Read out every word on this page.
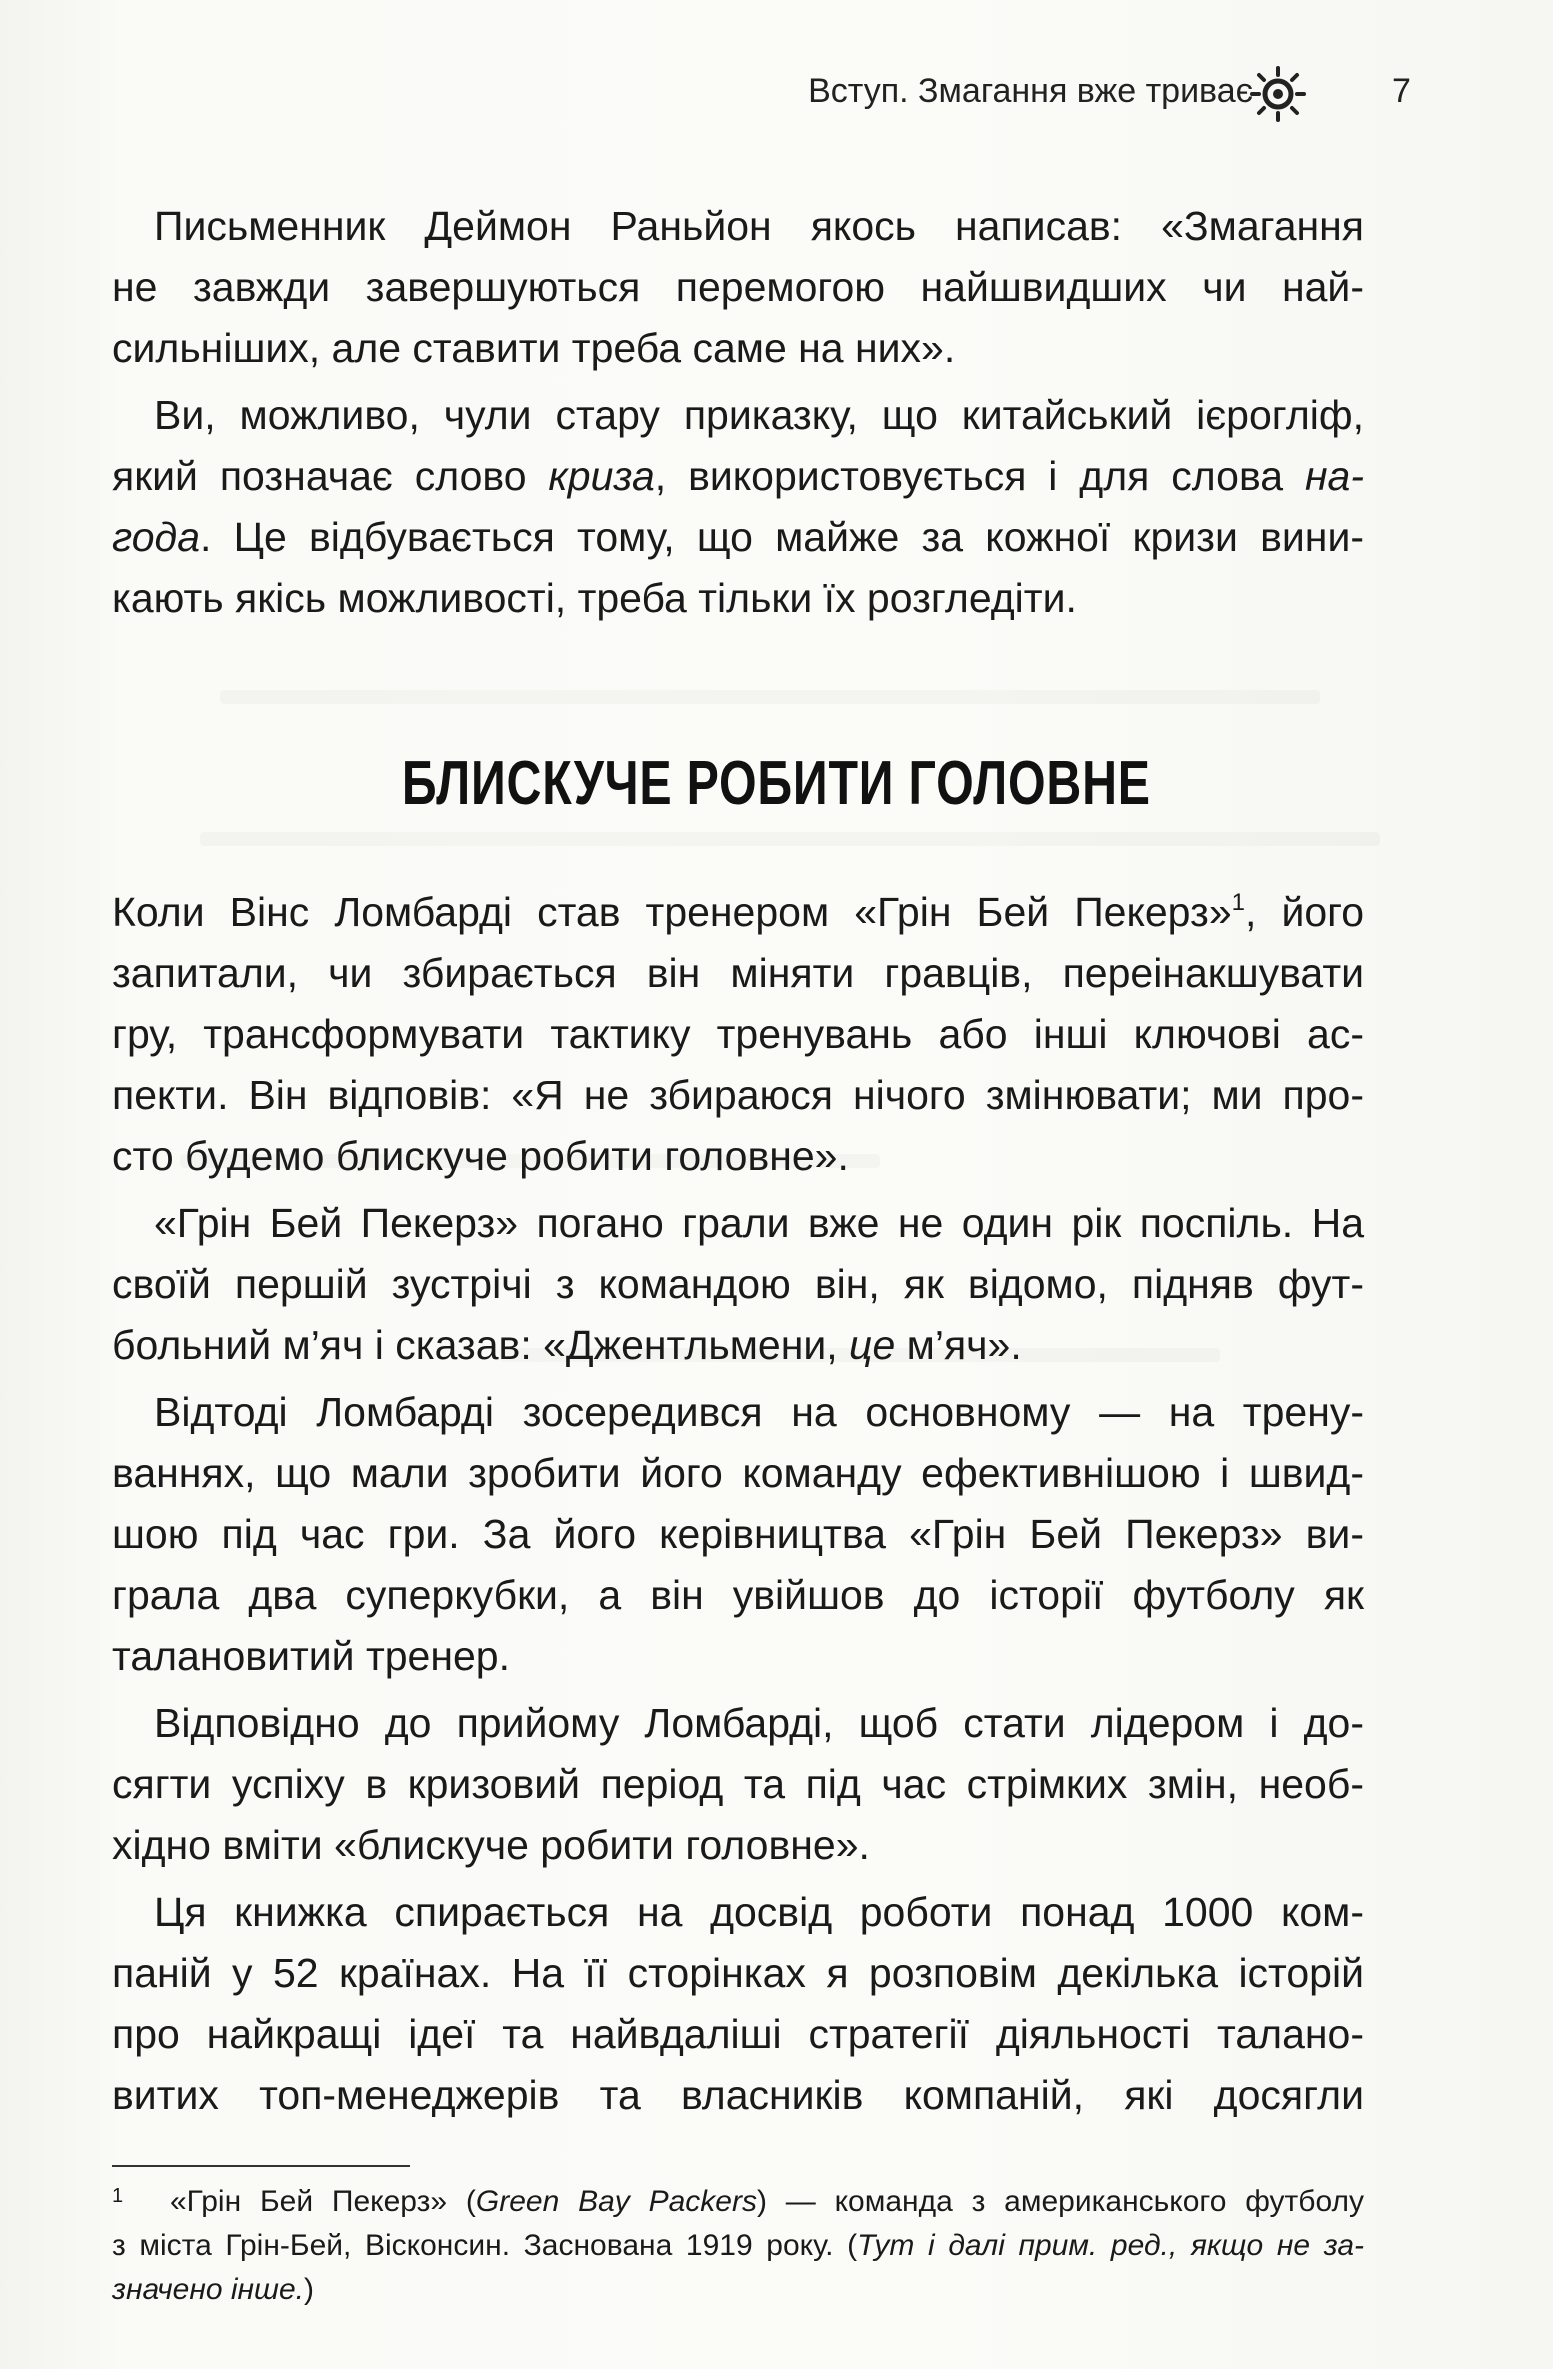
Вступ. Змагання вже триває	7

Письменник Деймон Раньйон якось написав: «Змагання
не завжди завершуються перемогою найшвидших чи най-
сильніших, але ставити треба саме на них».

Ви, можливо, чули стару приказку, що китайський ієрогліф,
який позначає слово криза, використовується і для слова на-
года. Це відбувається тому, що майже за кожної кризи вини-
кають якісь можливості, треба тільки їх розгледіти.

БЛИСКУЧЕ РОБИТИ ГОЛОВНЕ

Коли Вінс Ломбарді став тренером «Грін Бей Пекерз»$^1$, його
запитали, чи збирається він міняти гравців, переінакшувати
гру, трансформувати тактику тренувань або інші ключові ас-
пекти. Він відповів: «Я не збираюся нічого змінювати; ми про-
сто будемо блискуче робити головне».

«Грін Бей Пекерз» погано грали вже не один рік поспіль. На
своїй першій зустрічі з командою він, як відомо, підняв фут-
больний м’яч і сказав: «Джентльмени, це м’яч».

Відтоді Ломбарді зосередився на основному — на трену-
ваннях, що мали зробити його команду ефективнішою і швид-
шою під час гри. За його керівництва «Грін Бей Пекерз» ви-
грала два суперкубки, а він увійшов до історії футболу як
талановитий тренер.

Відповідно до прийому Ломбарді, щоб стати лідером і до-
сягти успіху в кризовий період та під час стрімких змін, необ-
хідно вміти «блискуче робити головне».

Ця книжка спирається на досвід роботи понад 1000 ком-
паній у 52 країнах. На її сторінках я розповім декілька історій
про найкращі ідеї та найвдаліші стратегії діяльності талано-
витих топ-менеджерів та власників компаній, які досягли

1	«Грін Бей Пекерз» (Green Bay Packers) — команда з американського футболу
з міста Грін-Бей, Вісконсин. Заснована 1919 року. (Тут і далі прим. ред., якщо не за-
значено інше.)
